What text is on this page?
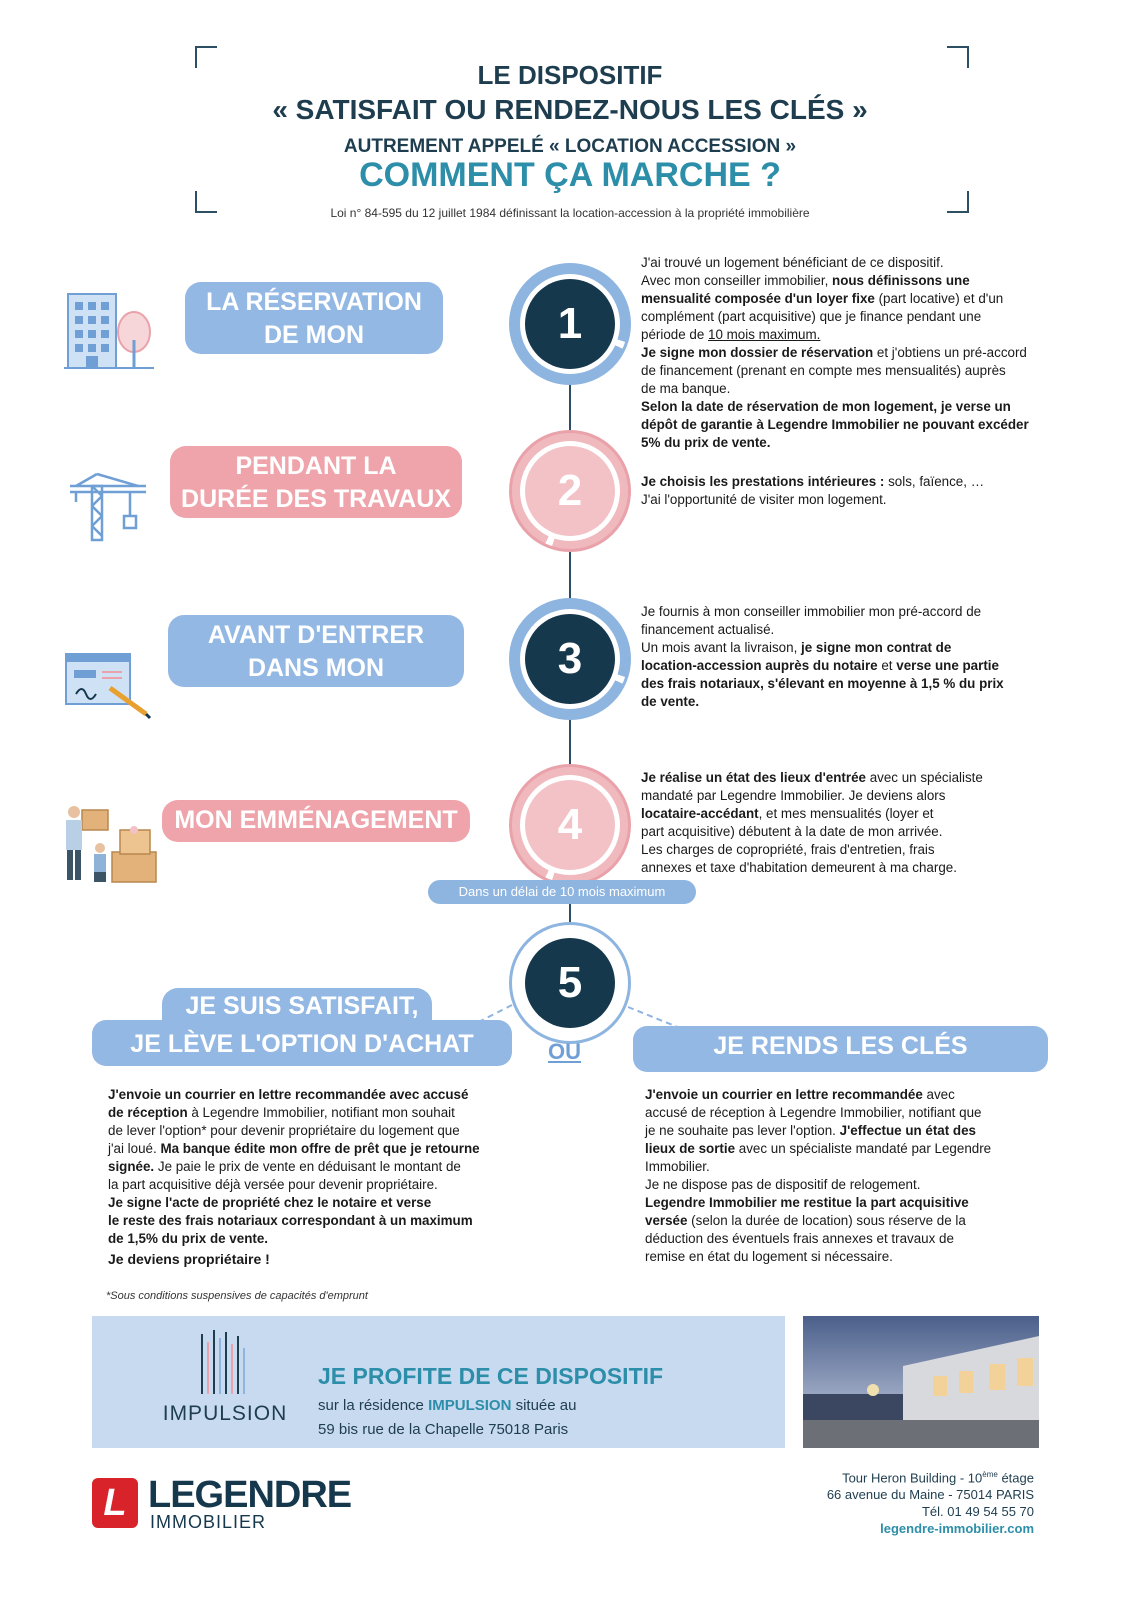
LE DISPOSITIF
« SATISFAIT OU RENDEZ-NOUS LES CLÉS »
AUTREMENT APPELÉ « LOCATION ACCESSION »
COMMENT ÇA MARCHE ?
Loi n° 84-595 du 12 juillet 1984 définissant la location-accession à la propriété immobilière
LA RÉSERVATION
DE MON LOGEMENT
1

J'ai trouvé un logement bénéficiant de ce dispositif.

Avec mon conseiller immobilier, nous définissons une

mensualité composée d'un loyer fixe (part locative) et d'un

complément (part acquisitive) que je finance pendant une

période de 10 mois maximum.

Je signe mon dossier de réservation et j'obtiens un pré-accord

de financement (prenant en compte mes mensualités) auprès

de ma banque.

Selon la date de réservation de mon logement, je verse un

dépôt de garantie à Legendre Immobilier ne pouvant excéder

5% du prix de vente.

PENDANT LA
DURÉE DES TRAVAUX	2	Je choisis les prestations intérieures : sols, faïence, …

J'ai l'opportunité de visiter mon logement.

AVANT D'ENTRER
DANS MON LOGEMENT
3

Je fournis à mon conseiller immobilier mon pré-accord de

financement actualisé.

Un mois avant la livraison, je signe mon contrat de

location-accession auprès du notaire et verse une partie

des frais notariaux, s'élevant en moyenne à 1,5 % du prix

de vente.

MON EMMÉNAGEMENT	4

Je réalise un état des lieux d'entrée avec un spécialiste

mandaté par Legendre Immobilier. Je deviens alors

locataire-accédant, et mes mensualités (loyer et

part acquisitive) débutent à la date de mon arrivée.

Les charges de copropriété, frais d'entretien, frais

annexes et taxe d'habitation demeurent à ma charge.

Dans un délai de 10 mois maximum
5
JE SUIS SATISFAIT,
JE LÈVE L'OPTION D'ACHAT	OU	JE RENDS LES CLÉS

J'envoie un courrier en lettre recommandée avec accusé

de réception à Legendre Immobilier, notifiant mon souhait

de lever l'option* pour devenir propriétaire du logement que

j'ai loué. Ma banque édite mon offre de prêt que je retourne

signée. Je paie le prix de vente en déduisant le montant de

la part acquisitive déjà versée pour devenir propriétaire.

Je signe l'acte de propriété chez le notaire et verse

le reste des frais notariaux correspondant à un maximum

de 1,5% du prix de vente.

Je deviens propriétaire !

J'envoie un courrier en lettre recommandée avec

accusé de réception à Legendre Immobilier, notifiant que

je ne souhaite pas lever l'option. J'effectue un état des

lieux de sortie avec un spécialiste mandaté par Legendre

Immobilier.

Je ne dispose pas de dispositif de relogement.

Legendre Immobilier me restitue la part acquisitive

versée (selon la durée de location) sous réserve de la

déduction des éventuels frais annexes et travaux de

remise en état du logement si nécessaire.

*Sous conditions suspensives de capacités d'emprunt
IMPULSION
JE PROFITE DE CE DISPOSITIF
sur la résidence IMPULSION située au
59 bis rue de la Chapelle 75018 Paris
L LEGENDRE
IMMOBILIER
Tour Heron Building - 10ème étage
66 avenue du Maine - 75014 PARIS
Tél. 01 49 54 55 70
legendre-immobilier.com
